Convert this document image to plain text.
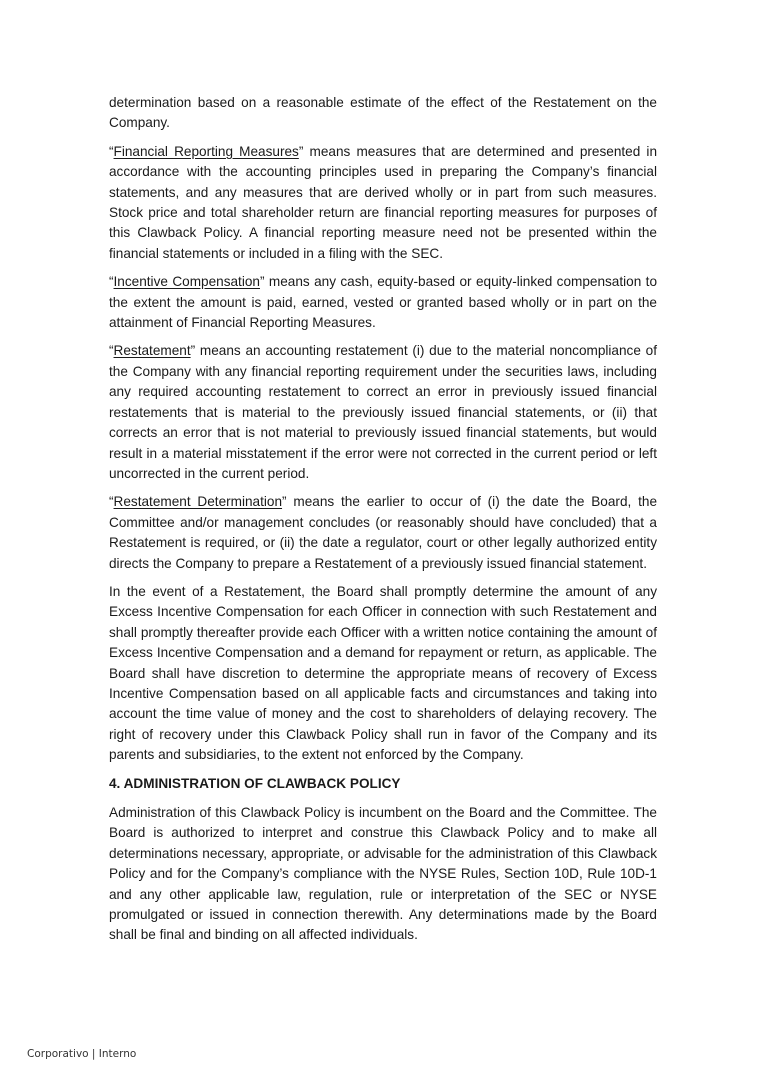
determination based on a reasonable estimate of the effect of the Restatement on the Company.

“Financial Reporting Measures” means measures that are determined and presented in accordance with the accounting principles used in preparing the Company’s financial statements, and any measures that are derived wholly or in part from such measures. Stock price and total shareholder return are financial reporting measures for purposes of this Clawback Policy. A financial reporting measure need not be presented within the financial statements or included in a filing with the SEC.

“Incentive Compensation” means any cash, equity-based or equity-linked compensation to the extent the amount is paid, earned, vested or granted based wholly or in part on the attainment of Financial Reporting Measures.

“Restatement” means an accounting restatement (i) due to the material noncompliance of the Company with any financial reporting requirement under the securities laws, including any required accounting restatement to correct an error in previously issued financial restatements that is material to the previously issued financial statements, or (ii) that corrects an error that is not material to previously issued financial statements, but would result in a material misstatement if the error were not corrected in the current period or left uncorrected in the current period.

“Restatement Determination” means the earlier to occur of (i) the date the Board, the Committee and/or management concludes (or reasonably should have concluded) that a Restatement is required, or (ii) the date a regulator, court or other legally authorized entity directs the Company to prepare a Restatement of a previously issued financial statement.

In the event of a Restatement, the Board shall promptly determine the amount of any Excess Incentive Compensation for each Officer in connection with such Restatement and shall promptly thereafter provide each Officer with a written notice containing the amount of Excess Incentive Compensation and a demand for repayment or return, as applicable. The Board shall have discretion to determine the appropriate means of recovery of Excess Incentive Compensation based on all applicable facts and circumstances and taking into account the time value of money and the cost to shareholders of delaying recovery. The right of recovery under this Clawback Policy shall run in favor of the Company and its parents and subsidiaries, to the extent not enforced by the Company.

4. ADMINISTRATION OF CLAWBACK POLICY

Administration of this Clawback Policy is incumbent on the Board and the Committee. The Board is authorized to interpret and construe this Clawback Policy and to make all determinations necessary, appropriate, or advisable for the administration of this Clawback Policy and for the Company’s compliance with the NYSE Rules, Section 10D, Rule 10D-1 and any other applicable law, regulation, rule or interpretation of the SEC or NYSE promulgated or issued in connection therewith. Any determinations made by the Board shall be final and binding on all affected individuals.

Corporativo | Interno
